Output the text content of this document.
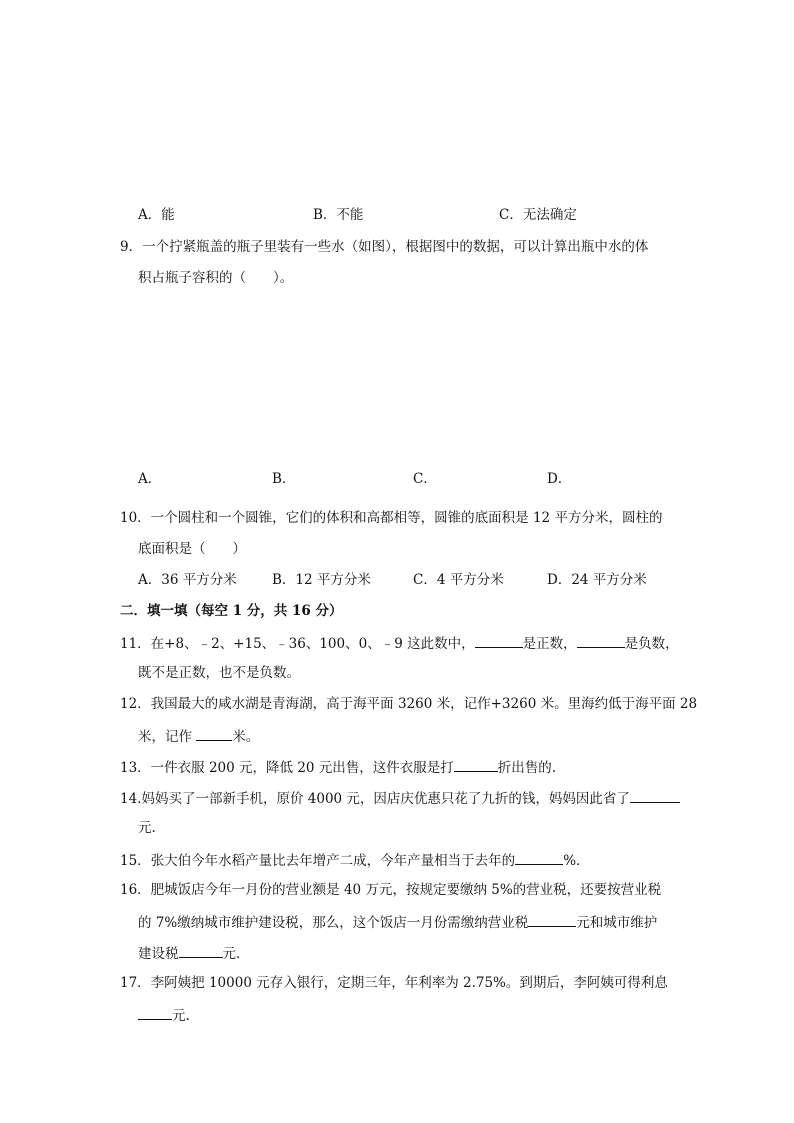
A．能	B．不能	C．无法确定
9．一个拧紧瓶盖的瓶子里装有一些水（如图），根据图中的数据，可以计算出瓶中水的体
积占瓶子容积的（　　）。
A．	B．	C．	D．
10．一个圆柱和一个圆锥，它们的体积和高都相等，圆锥的底面积是 12 平方分米，圆柱的
底面积是（　　）
A．36 平方分米	B．12 平方分米	C．4 平方分米	D．24 平方分米
二．填一填（每空 1 分，共 16 分）
11．在+8、﹣2、+15、﹣36、100、0、﹣9 这此数中，	是正数，	是负数，
既不是正数，也不是负数。
12．我国最大的咸水湖是青海湖，高于海平面 3260 米，记作+3260 米。里海约低于海平面 28
米，记作	米。
13．一件衣服 200 元，降低 20 元出售，这件衣服是打	折出售的.
14.妈妈买了一部新手机，原价 4000 元，因店庆优惠只花了九折的钱，妈妈因此省了
元.
15．张大伯今年水稻产量比去年增产二成，今年产量相当于去年的	%．
16．肥城饭店今年一月份的营业额是 40 万元，按规定要缴纳 5%的营业税，还要按营业税
的 7%缴纳城市维护建设税，那么，这个饭店一月份需缴纳营业税	元和城市维护
建设税	元．
17．李阿姨把 10000 元存入银行，定期三年，年利率为 2.75%。到期后，李阿姨可得利息
元.
